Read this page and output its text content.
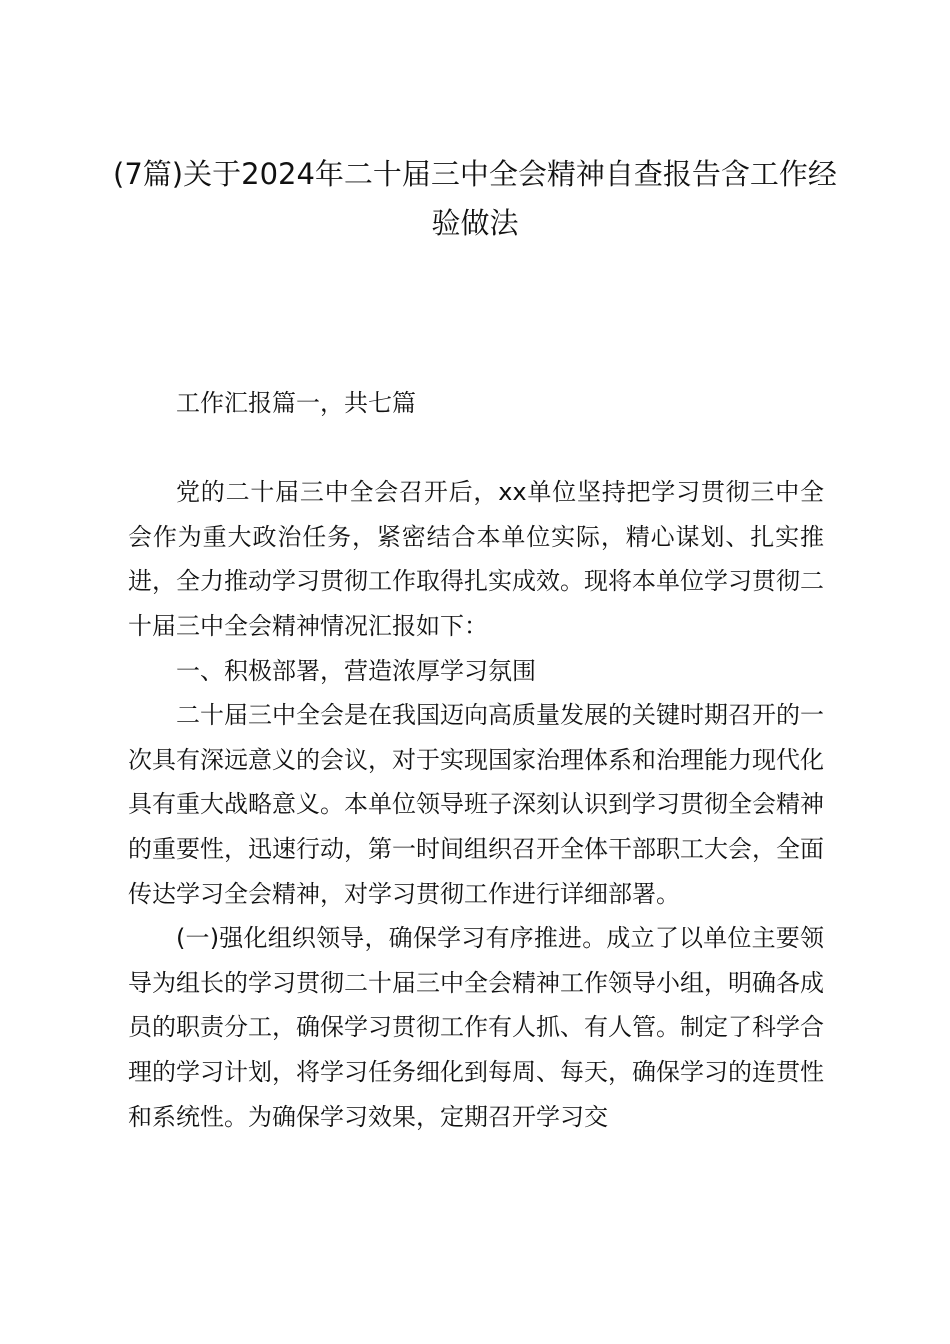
(7篇)关于2024年二十届三中全会精神自查报告含工作经验做法

工作汇报篇一，共七篇

党的二十届三中全会召开后，xx单位坚持把学习贯彻三中全会作为重大政治任务，紧密结合本单位实际，精心谋划、扎实推进，全力推动学习贯彻工作取得扎实成效。现将本单位学习贯彻二十届三中全会精神情况汇报如下：

一、积极部署，营造浓厚学习氛围

二十届三中全会是在我国迈向高质量发展的关键时期召开的一次具有深远意义的会议，对于实现国家治理体系和治理能力现代化具有重大战略意义。本单位领导班子深刻认识到学习贯彻全会精神的重要性，迅速行动，第一时间组织召开全体干部职工大会，全面传达学习全会精神，对学习贯彻工作进行详细部署。

(一)强化组织领导，确保学习有序推进。成立了以单位主要领导为组长的学习贯彻二十届三中全会精神工作领导小组，明确各成员的职责分工，确保学习贯彻工作有人抓、有人管。制定了科学合理的学习计划，将学习任务细化到每周、每天，确保学习的连贯性和系统性。为确保学习效果，定期召开学习交
